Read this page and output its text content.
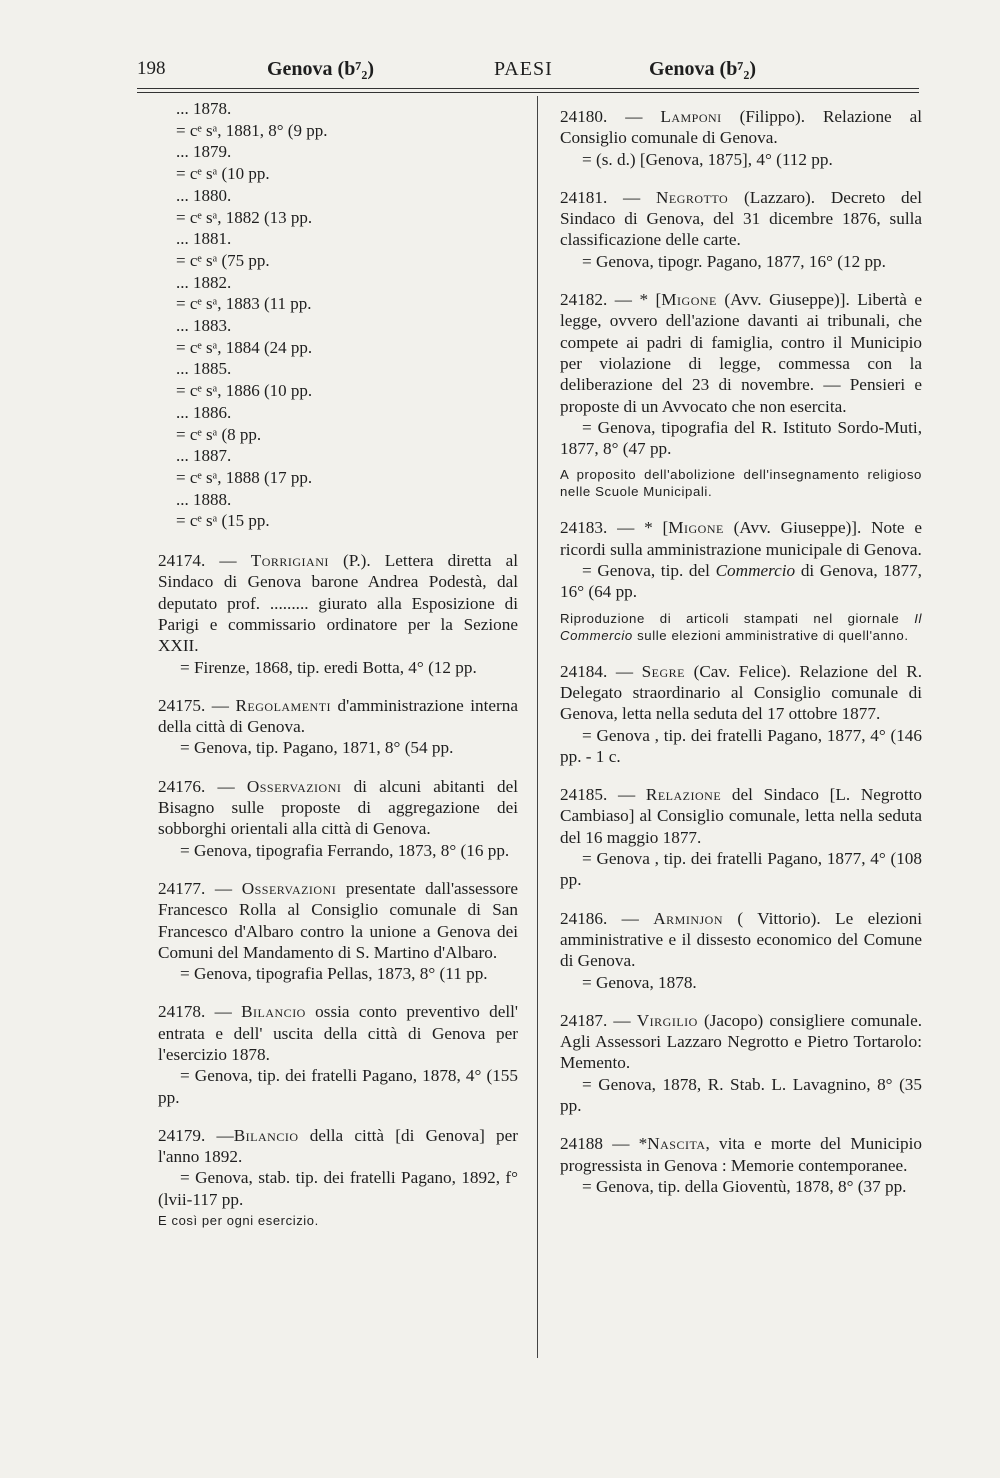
198	Genova (b⁷₂)	PAESI	Genova (b⁷₂)
... 1878.
= cᵉ sᵃ, 1881, 8° (9 pp.
... 1879.
= cᵉ sᵃ (10 pp.
... 1880.
= cᵉ sᵃ, 1882 (13 pp.
... 1881.
= cᵉ sᵃ (75 pp.
... 1882.
= cᵉ sᵃ, 1883 (11 pp.
... 1883.
= cᵉ sᵃ, 1884 (24 pp.
... 1885.
= cᵉ sᵃ, 1886 (10 pp.
... 1886.
= cᵉ sᵃ (8 pp.
... 1887.
= cᵉ sᵃ, 1888 (17 pp.
... 1888.
= cᵉ sᵃ (15 pp.

24174. — Torrigiani (P.). Lettera diretta al Sindaco di Genova barone Andrea Podestà, dal deputato prof. ......... giurato alla Esposizione di Parigi e commissario ordinatore per la Sezione XXII.

= Firenze, 1868, tip. eredi Botta, 4° (12 pp.

24175. — Regolamenti d'amministrazione interna della città di Genova.

= Genova, tip. Pagano, 1871, 8° (54 pp.

24176. — Osservazioni di alcuni abitanti del Bisagno sulle proposte di aggregazione dei sobborghi orientali alla città di Genova.

= Genova, tipografia Ferrando, 1873, 8° (16 pp.

24177. — Osservazioni presentate dall'assessore Francesco Rolla al Consiglio comunale di San Francesco d'Albaro contro la unione a Genova dei Comuni del Mandamento di S. Martino d'Albaro.

= Genova, tipografia Pellas, 1873, 8° (11 pp.

24178. — Bilancio ossia conto preventivo dell' entrata e dell' uscita della città di Genova per l'esercizio 1878.

= Genova, tip. dei fratelli Pagano, 1878, 4° (155 pp.

24179. —Bilancio della città [di Genova] per l'anno 1892.

= Genova, stab. tip. dei fratelli Pagano, 1892, f° (lvii-117 pp.

E così per ogni esercizio.

24180. — Lamponi (Filippo). Relazione al Consiglio comunale di Genova.

= (s. d.) [Genova, 1875], 4° (112 pp.

24181. — Negrotto (Lazzaro). Decreto del Sindaco di Genova, del 31 dicembre 1876, sulla classificazione delle carte.

= Genova, tipogr. Pagano, 1877, 16° (12 pp.

24182. — * [Migone (Avv. Giuseppe)]. Libertà e legge, ovvero dell'azione davanti ai tribunali, che compete ai padri di famiglia, contro il Municipio per violazione di legge, commessa con la deliberazione del 23 di novembre. — Pensieri e proposte di un Avvocato che non esercita.

= Genova, tipografia del R. Istituto Sordo-Muti, 1877, 8° (47 pp.

A proposito dell'abolizione dell'insegnamento religioso nelle Scuole Municipali.

24183. — * [Migone (Avv. Giuseppe)]. Note e ricordi sulla amministrazione municipale di Genova.

= Genova, tip. del Commercio di Genova, 1877, 16° (64 pp.

Riproduzione di articoli stampati nel giornale Il Commercio sulle elezioni amministrative di quell'anno.

24184. — Segre (Cav. Felice). Relazione del R. Delegato straordinario al Consiglio comunale di Genova, letta nella seduta del 17 ottobre 1877.

= Genova , tip. dei fratelli Pagano, 1877, 4° (146 pp. - 1 c.

24185. — Relazione del Sindaco [L. Negrotto Cambiaso] al Consiglio comunale, letta nella seduta del 16 maggio 1877.

= Genova , tip. dei fratelli Pagano, 1877, 4° (108 pp.

24186. — Arminjon ( Vittorio). Le elezioni amministrative e il dissesto economico del Comune di Genova.

= Genova, 1878.

24187. — Virgilio (Jacopo) consigliere comunale. Agli Assessori Lazzaro Negrotto e Pietro Tortarolo: Memento.

= Genova, 1878, R. Stab. L. Lavagnino, 8° (35 pp.

24188 — *Nascita, vita e morte del Municipio progressista in Genova : Memorie contemporanee.

= Genova, tip. della Gioventù, 1878, 8° (37 pp.
